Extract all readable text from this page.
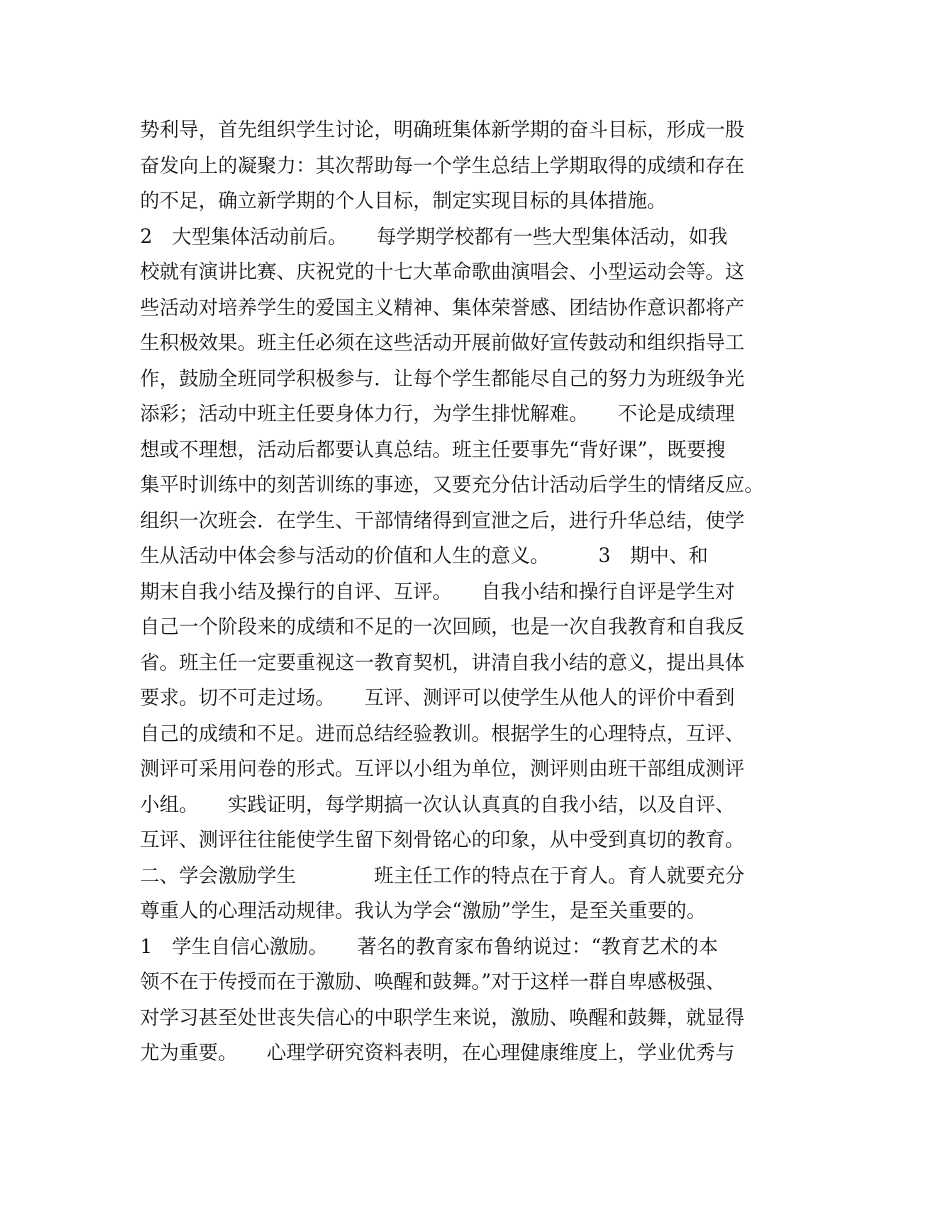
势利导，首先组织学生讨论，明确班集体新学期的奋斗目标，形成一股
奋发向上的凝聚力：其次帮助每一个学生总结上学期取得的成绩和存在
的不足，确立新学期的个人目标，制定实现目标的具体措施。
2　大型集体活动前后。　　每学期学校都有一些大型集体活动，如我
校就有演讲比赛、庆祝党的十七大革命歌曲演唱会、小型运动会等。这
些活动对培养学生的爱国主义精神、集体荣誉感、团结协作意识都将产
生积极效果。班主任必须在这些活动开展前做好宣传鼓动和组织指导工
作，鼓励全班同学积极参与．让每个学生都能尽自己的努力为班级争光
添彩；活动中班主任要身体力行，为学生排忧解难。　　不论是成绩理
想或不理想，活动后都要认真总结。班主任要事先“背好课”，既要搜
集平时训练中的刻苦训练的事迹，又要充分估计活动后学生的情绪反应。
组织一次班会．在学生、干部情绪得到宣泄之后，进行升华总结，使学
生从活动中体会参与活动的价值和人生的意义。　　　3　期中、和
期末自我小结及操行的自评、互评。　　自我小结和操行自评是学生对
自己一个阶段来的成绩和不足的一次回顾，也是一次自我教育和自我反
省。班主任一定要重视这一教育契机，讲清自我小结的意义，提出具体
要求。切不可走过场。　　互评、测评可以使学生从他人的评价中看到
自己的成绩和不足。进而总结经验教训。根据学生的心理特点，互评、
测评可采用问卷的形式。互评以小组为单位，测评则由班干部组成测评
小组。　　实践证明，每学期搞一次认认真真的自我小结，以及自评、
互评、测评往往能使学生留下刻骨铭心的印象，从中受到真切的教育。
二、学会激励学生　　　　班主任工作的特点在于育人。育人就要充分
尊重人的心理活动规律。我认为学会“激励”学生，是至关重要的。
1　学生自信心激励。　　著名的教育家布鲁纳说过：“教育艺术的本
领不在于传授而在于激励、唤醒和鼓舞。”对于这样一群自卑感极强、
对学习甚至处世丧失信心的中职学生来说，激励、唤醒和鼓舞，就显得
尤为重要。　　心理学研究资料表明，在心理健康维度上，学业优秀与
